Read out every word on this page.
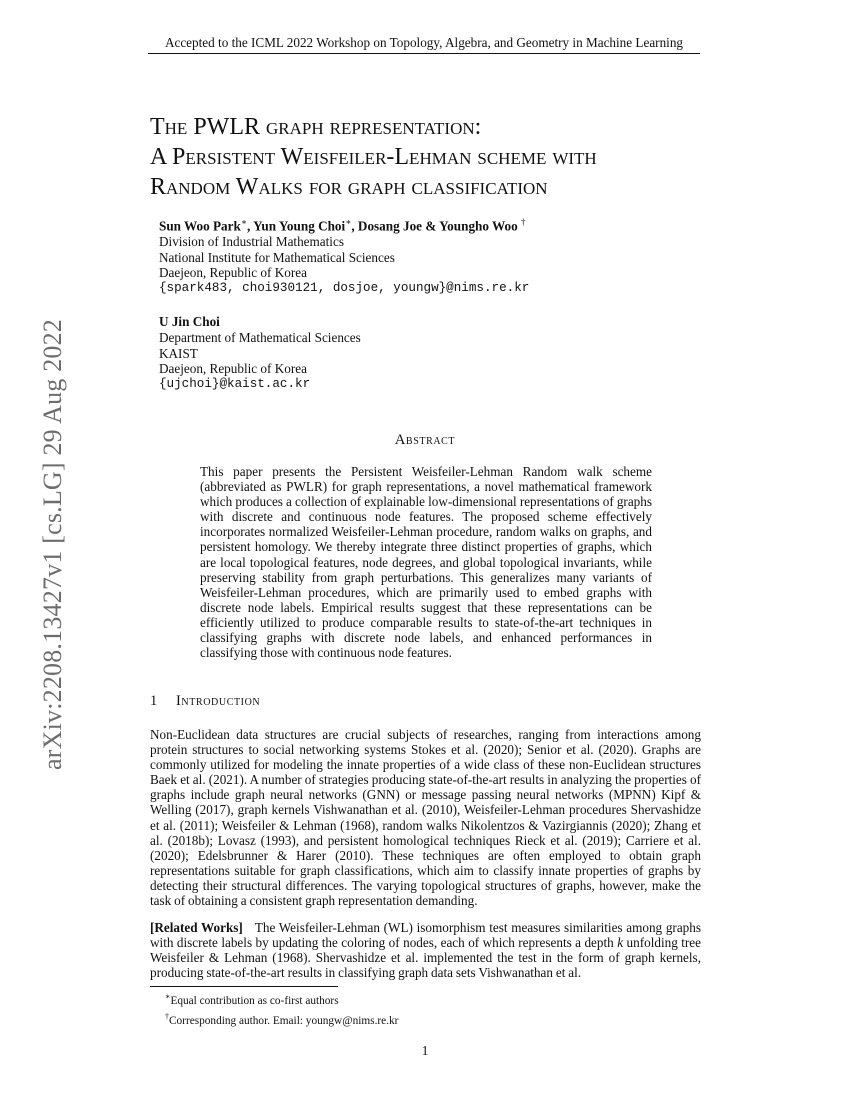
Accepted to the ICML 2022 Workshop on Topology, Algebra, and Geometry in Machine Learning
arXiv:2208.13427v1 [cs.LG] 29 Aug 2022
The PWLR graph representation:
A Persistent Weisfeiler-Lehman scheme with
Random Walks for graph classification
Sun Woo Park∗, Yun Young Choi∗, Dosang Joe & Youngho Woo †
Division of Industrial Mathematics
National Institute for Mathematical Sciences
Daejeon, Republic of Korea
{spark483, choi930121, dosjoe, youngw}@nims.re.kr
U Jin Choi
Department of Mathematical Sciences
KAIST
Daejeon, Republic of Korea
{ujchoi}@kaist.ac.kr
Abstract

This paper presents the Persistent Weisfeiler-Lehman Random walk scheme (abbreviated as PWLR) for graph representations, a novel mathematical framework which produces a collection of explainable low-dimensional representations of graphs with discrete and continuous node features. The proposed scheme effectively incorporates normalized Weisfeiler-Lehman procedure, random walks on graphs, and persistent homology. We thereby integrate three distinct properties of graphs, which are local topological features, node degrees, and global topological invariants, while preserving stability from graph perturbations. This generalizes many variants of Weisfeiler-Lehman procedures, which are primarily used to embed graphs with discrete node labels. Empirical results suggest that these representations can be efficiently utilized to produce comparable results to state-of-the-art techniques in classifying graphs with discrete node labels, and enhanced performances in classifying those with continuous node features.

1 Introduction

Non-Euclidean data structures are crucial subjects of researches, ranging from interactions among protein structures to social networking systems Stokes et al. (2020); Senior et al. (2020). Graphs are commonly utilized for modeling the innate properties of a wide class of these non-Euclidean structures Baek et al. (2021). A number of strategies producing state-of-the-art results in analyzing the properties of graphs include graph neural networks (GNN) or message passing neural networks (MPNN) Kipf & Welling (2017), graph kernels Vishwanathan et al. (2010), Weisfeiler-Lehman procedures Shervashidze et al. (2011); Weisfeiler & Lehman (1968), random walks Nikolentzos & Vazirgiannis (2020); Zhang et al. (2018b); Lovasz (1993), and persistent homological techniques Rieck et al. (2019); Carriere et al. (2020); Edelsbrunner & Harer (2010). These techniques are often employed to obtain graph representations suitable for graph classifications, which aim to classify innate properties of graphs by detecting their structural differences. The varying topological structures of graphs, however, make the task of obtaining a consistent graph representation demanding.

[Related Works] The Weisfeiler-Lehman (WL) isomorphism test measures similarities among graphs with discrete labels by updating the coloring of nodes, each of which represents a depth k unfolding tree Weisfeiler & Lehman (1968). Shervashidze et al. implemented the test in the form of graph kernels, producing state-of-the-art results in classifying graph data sets Vishwanathan et al.

∗Equal contribution as co-first authors
†Corresponding author. Email: youngw@nims.re.kr
1
